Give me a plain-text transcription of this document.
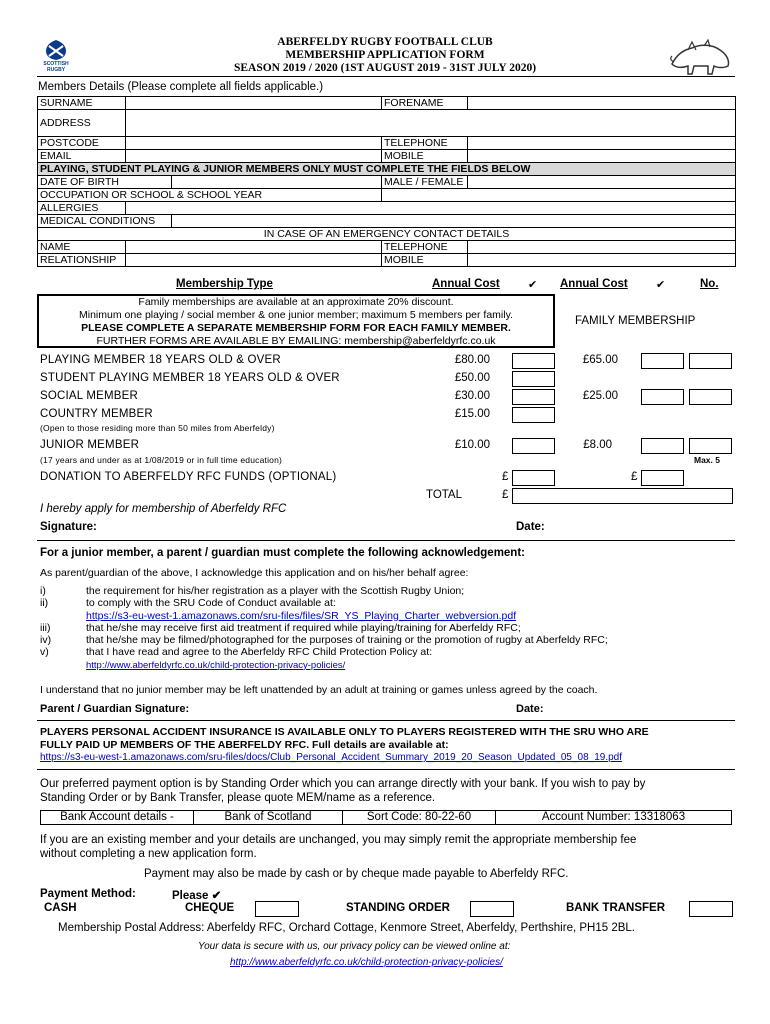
SCOTTISH RUGBY
ABERFELDY RUGBY FOOTBALL CLUB
MEMBERSHIP APPLICATION FORM
SEASON 2019 / 2020 (1ST AUGUST 2019 - 31ST JULY 2020)
Members Details (Please complete all fields applicable.)
SURNAME			FORENAME	
ADDRESS				
POSTCODE			TELEPHONE	
EMAIL			MOBILE	
PLAYING, STUDENT PLAYING & JUNIOR MEMBERS ONLY MUST COMPLETE THE FIELDS BELOW				
DATE OF BIRTH			MALE / FEMALE	
OCCUPATION OR SCHOOL & SCHOOL YEAR				
ALLERGIES				
MEDICAL CONDITIONS				
IN CASE OF AN EMERGENCY CONTACT DETAILS				
NAME			TELEPHONE	
RELATIONSHIP			MOBILE	
Membership Type	Annual Cost	✔ Annual Cost	✔	No.
Family memberships are available at an approximate 20% discount.
Minimum one playing / social member & one junior member; maximum 5 members per family.
PLEASE COMPLETE A SEPARATE MEMBERSHIP FORM FOR EACH FAMILY MEMBER.
FURTHER FORMS ARE AVAILABLE BY EMAILING: membership@aberfeldyrfc.co.uk
FAMILY MEMBERSHIP
PLAYING MEMBER 18 YEARS OLD & OVER	£80.00	£65.00
STUDENT PLAYING MEMBER 18 YEARS OLD & OVER	£50.00
SOCIAL MEMBER	£30.00	£25.00
COUNTRY MEMBER	£15.00
(Open to those residing more than 50 miles from Aberfeldy)
JUNIOR MEMBER	£10.00	£8.00
(17 years and under as at 1/08/2019 or in full time education)	Max. 5
DONATION TO ABERFELDY RFC FUNDS (OPTIONAL)	£	£
TOTAL	£
I hereby apply for membership of Aberfeldy RFC
Signature:	Date:
For a junior member, a parent / guardian must complete the following acknowledgement:
As parent/guardian of the above, I acknowledge this application and on his/her behalf agree:
i)	the requirement for his/her registration as a player with the Scottish Rugby Union;
ii)	to comply with the SRU Code of Conduct available at:
https://s3-eu-west-1.amazonaws.com/sru-files/files/SR_YS_Playing_Charter_webversion.pdf
iii)	that he/she may receive first aid treatment if required while playing/training for Aberfeldy RFC;
iv)	that he/she may be filmed/photographed for the purposes of training or the promotion of rugby at Aberfeldy RFC;
v)	that I have read and agree to the Aberfeldy RFC Child Protection Policy at:
http://www.aberfeldyrfc.co.uk/child-protection-privacy-policies/
I understand that no junior member may be left unattended by an adult at training or games unless agreed by the coach.
Parent / Guardian Signature:	Date:
PLAYERS PERSONAL ACCIDENT INSURANCE IS AVAILABLE ONLY TO PLAYERS REGISTERED WITH THE SRU WHO ARE
FULLY PAID UP MEMBERS OF THE ABERFELDY RFC. Full details are available at:
https://s3-eu-west-1.amazonaws.com/sru-files/docs/Club_Personal_Accident_Summary_2019_20_Season_Updated_05_08_19.pdf
Our preferred payment option is by Standing Order which you can arrange directly with your bank. If you wish to pay by
Standing Order or by Bank Transfer, please quote MEM/name as a reference.
Bank Account details -	Bank of Scotland	Sort Code: 80-22-60	Account Number: 13318063
If you are an existing member and your details are unchanged, you may simply remit the appropriate membership fee
without completing a new application form.
Payment may also be made by cash or by cheque made payable to Aberfeldy RFC.
Payment Method:	Please ✔
CASH	CHEQUE	STANDING ORDER	BANK TRANSFER
Membership Postal Address: Aberfeldy RFC, Orchard Cottage, Kenmore Street, Aberfeldy, Perthshire, PH15 2BL.
Your data is secure with us, our privacy policy can be viewed online at:
http://www.aberfeldyrfc.co.uk/child-protection-privacy-policies/
